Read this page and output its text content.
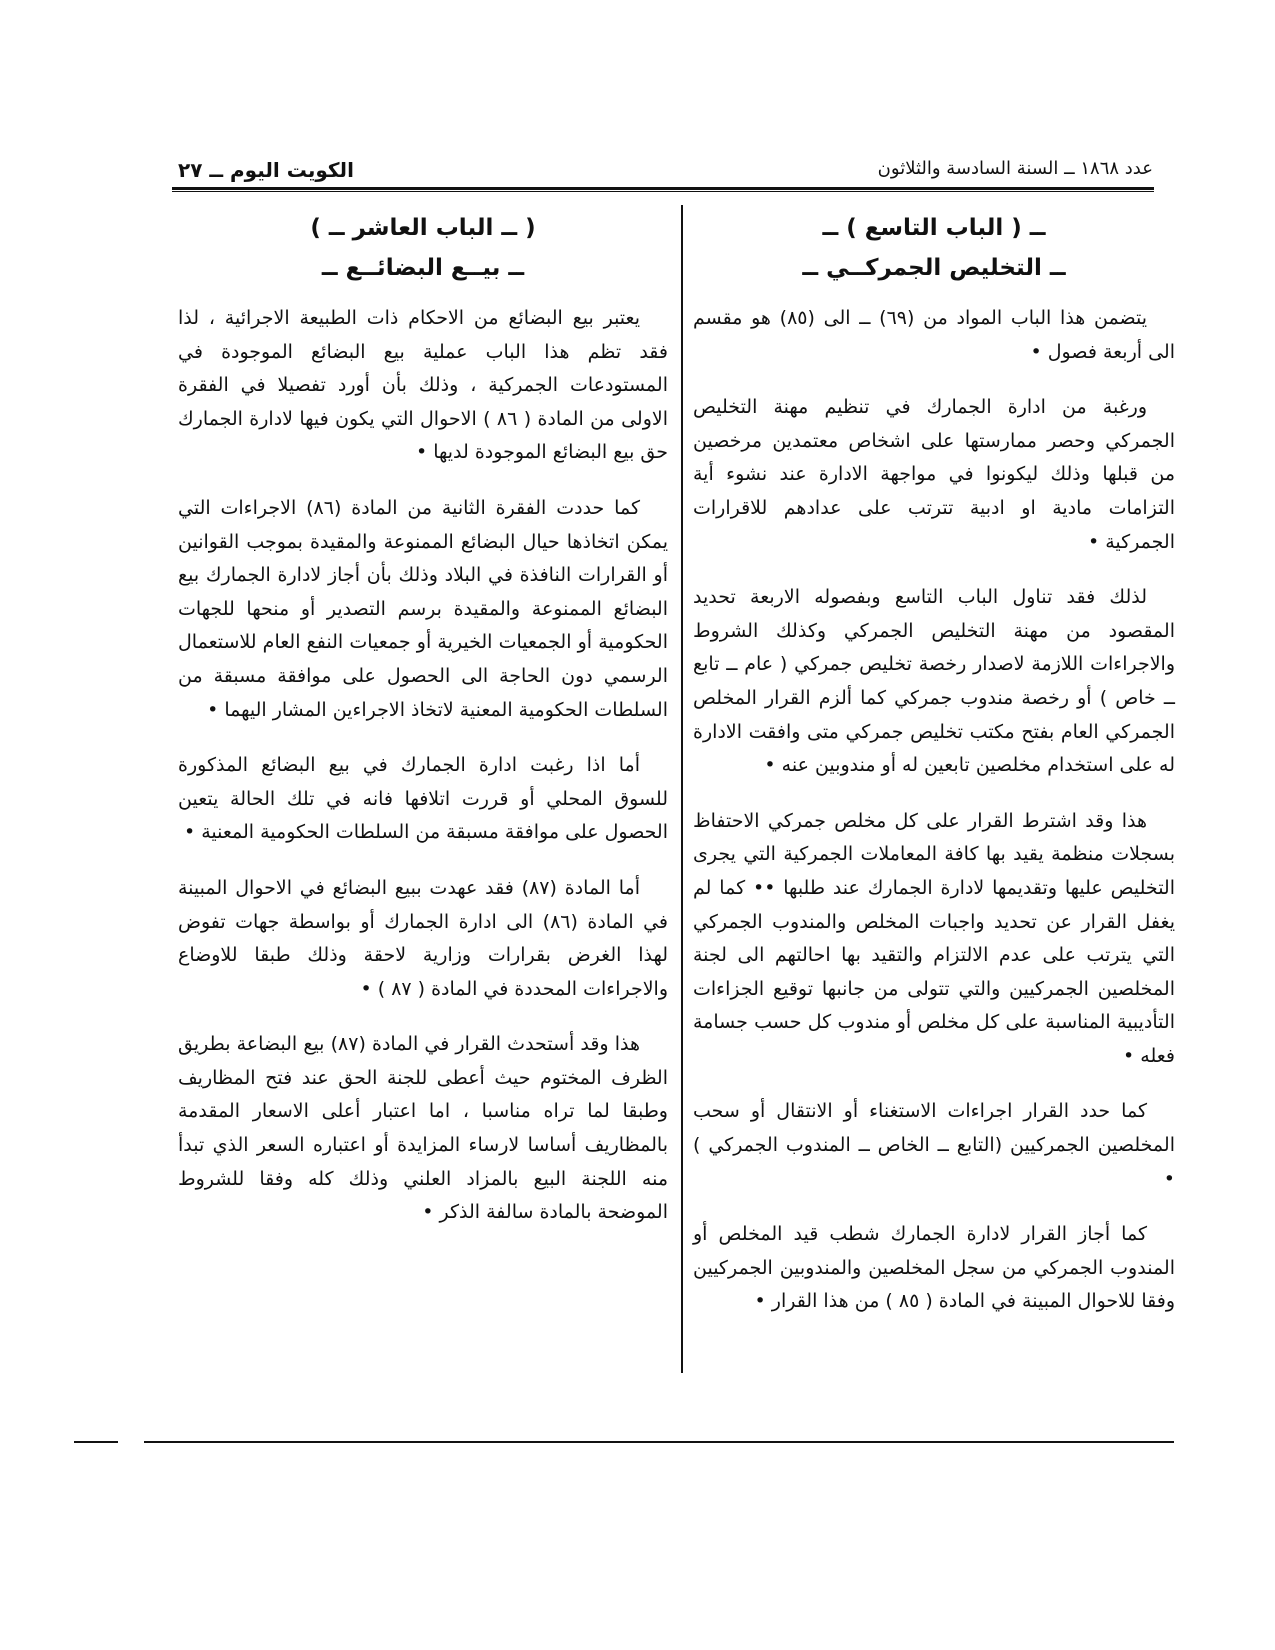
الكويت اليوم ــ ٢٧	عدد ١٨٦٨ ــ السنة السادسة والثلاثون

ــ ( الباب التاسع ) ــ

ــ التخليص الجمركــي ــ

يتضمن هذا الباب المواد من (٦٩) ــ الى (٨٥) هو مقسم الى أربعة فصول •

ورغبة من ادارة الجمارك في تنظيم مهنة التخليص الجمركي وحصر ممارستها على اشخاص معتمدين مرخصين من قبلها وذلك ليكونوا في مواجهة الادارة عند نشوء أية التزامات مادية او ادبية تترتب على عدادهم للاقرارات الجمركية •

لذلك فقد تناول الباب التاسع وبفصوله الاربعة تحديد المقصود من مهنة التخليص الجمركي وكذلك الشروط والاجراءات اللازمة لاصدار رخصة تخليص جمركي ( عام ــ تابع ــ خاص ) أو رخصة مندوب جمركي كما ألزم القرار المخلص الجمركي العام بفتح مكتب تخليص جمركي متى وافقت الادارة له على استخدام مخلصين تابعين له أو مندوبين عنه •

هذا وقد اشترط القرار على كل مخلص جمركي الاحتفاظ بسجلات منظمة يقيد بها كافة المعاملات الجمركية التي يجرى التخليص عليها وتقديمها لادارة الجمارك عند طلبها •• كما لم يغفل القرار عن تحديد واجبات المخلص والمندوب الجمركي التي يترتب على عدم الالتزام والتقيد بها احالتهم الى لجنة المخلصين الجمركيين والتي تتولى من جانبها توقيع الجزاءات التأديبية المناسبة على كل مخلص أو مندوب كل حسب جسامة فعله •

كما حدد القرار اجراءات الاستغناء أو الانتقال أو سحب المخلصين الجمركيين (التابع ــ الخاص ــ المندوب الجمركي ) •

كما أجاز القرار لادارة الجمارك شطب قيد المخلص أو المندوب الجمركي من سجل المخلصين والمندوبين الجمركيين وفقا للاحوال المبينة في المادة ( ٨٥ ) من هذا القرار •

( ــ الباب العاشر ــ )

ــ بيــع البضائــع ــ

يعتبر بيع البضائع من الاحكام ذات الطبيعة الاجرائية ، لذا فقد تظم هذا الباب عملية بيع البضائع الموجودة في المستودعات الجمركية ، وذلك بأن أورد تفصيلا في الفقرة الاولى من المادة ( ٨٦ ) الاحوال التي يكون فيها لادارة الجمارك حق بيع البضائع الموجودة لديها •

كما حددت الفقرة الثانية من المادة (٨٦) الاجراءات التي يمكن اتخاذها حيال البضائع الممنوعة والمقيدة بموجب القوانين أو القرارات النافذة في البلاد وذلك بأن أجاز لادارة الجمارك بيع البضائع الممنوعة والمقيدة برسم التصدير أو منحها للجهات الحكومية أو الجمعيات الخيرية أو جمعيات النفع العام للاستعمال الرسمي دون الحاجة الى الحصول على موافقة مسبقة من السلطات الحكومية المعنية لاتخاذ الاجراءين المشار اليهما •

أما اذا رغبت ادارة الجمارك في بيع البضائع المذكورة للسوق المحلي أو قررت اتلافها فانه في تلك الحالة يتعين الحصول على موافقة مسبقة من السلطات الحكومية المعنية •

أما المادة (٨٧) فقد عهدت ببيع البضائع في الاحوال المبينة في المادة (٨٦) الى ادارة الجمارك أو بواسطة جهات تفوض لهذا الغرض بقرارات وزارية لاحقة وذلك طبقا للاوضاع والاجراءات المحددة في المادة ( ٨٧ ) •

هذا وقد أستحدث القرار في المادة (٨٧) بيع البضاعة بطريق الظرف المختوم حيث أعطى للجنة الحق عند فتح المظاريف وطبقا لما تراه مناسبا ، اما اعتبار أعلى الاسعار المقدمة بالمظاريف أساسا لارساء المزايدة أو اعتباره السعر الذي تبدأ منه اللجنة البيع بالمزاد العلني وذلك كله وفقا للشروط الموضحة بالمادة سالفة الذكر •
